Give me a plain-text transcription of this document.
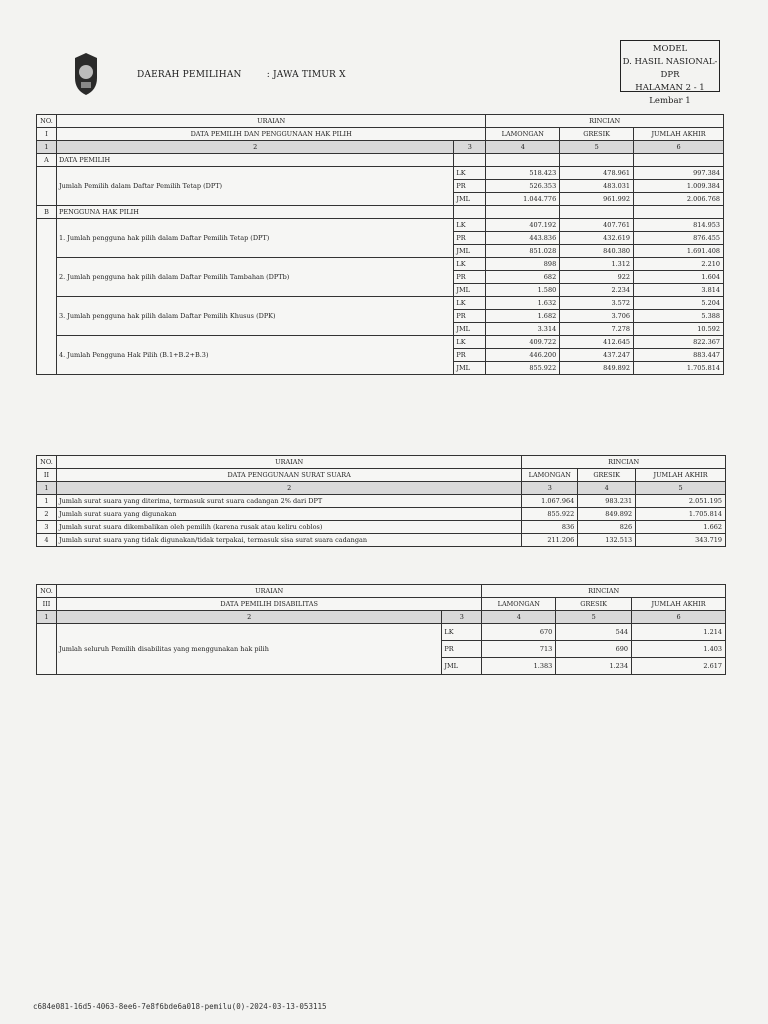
DAERAH PEMILIHAN	: JAWA TIMUR X
MODEL
D. HASIL NASIONAL-DPR
HALAMAN 2 - 1 Lembar 1
NO.	URAIAN		RINCIAN		
I	DATA PEMILIH DAN PENGGUNAAN HAK PILIH		LAMONGAN	GRESIK	JUMLAH AKHIR
1	2	3	4	5	6
A	DATA PEMILIH				
	Jumlah Pemilih dalam Daftar Pemilih Tetap (DPT)	LK	518.423	478.961	997.384
		PR	526.353	483.031	1.009.384
		JML	1.044.776	961.992	2.006.768
B	PENGGUNA HAK PILIH				
	1. Jumlah pengguna hak pilih dalam Daftar Pemilih Tetap (DPT)	LK	407.192	407.761	814.953
		PR	443.836	432.619	876.455
		JML	851.028	840.380	1.691.408
	2. Jumlah pengguna hak pilih dalam Daftar Pemilih Tambahan (DPTb)	LK	898	1.312	2.210
		PR	682	922	1.604
		JML	1.580	2.234	3.814
	3. Jumlah pengguna hak pilih dalam Daftar Pemilih Khusus (DPK)	LK	1.632	3.572	5.204
		PR	1.682	3.706	5.388
		JML	3.314	7.278	10.592
	4. Jumlah Pengguna Hak Pilih (B.1+B.2+B.3)	LK	409.722	412.645	822.367
		PR	446.200	437.247	883.447
		JML	855.922	849.892	1.705.814
NO.	URAIAN	RINCIAN		
II	DATA PENGGUNAAN SURAT SUARA	LAMONGAN	GRESIK	JUMLAH AKHIR
1	2	3	4	5
1	Jumlah surat suara yang diterima, termasuk surat suara cadangan 2% dari DPT	1.067.964	983.231	2.051.195
2	Jumlah surat suara yang digunakan	855.922	849.892	1.705.814
3	Jumlah surat suara dikembalikan oleh pemilih (karena rusak atau keliru coblos)	836	826	1.662
4	Jumlah surat suara yang tidak digunakan/tidak terpakai, termasuk sisa surat suara cadangan	211.206	132.513	343.719
NO.	URAIAN		RINCIAN		
III	DATA PEMILIH DISABILITAS		LAMONGAN	GRESIK	JUMLAH AKHIR
1	2	3	4	5	6
	Jumlah seluruh Pemilih disabilitas yang menggunakan hak pilih	LK	670	544	1.214
		PR	713	690	1.403
		JML	1.383	1.234	2.617
c684e081-16d5-4063-8ee6-7e8f6bde6a018-pemilu(0)-2024-03-13-053115
